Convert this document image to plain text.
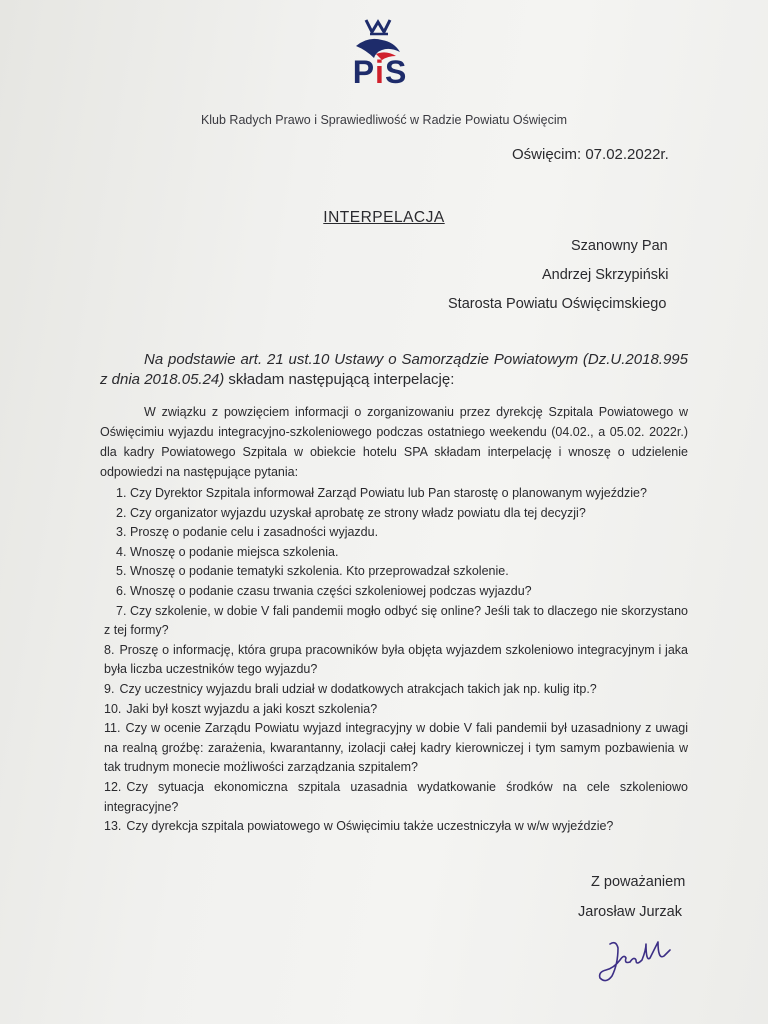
PiS
Klub Radych Prawo i Sprawiedliwość w Radzie Powiatu Oświęcim
Oświęcim: 07.02.2022r.
INTERPELACJA
Szanowny Pan
Andrzej Skrzypiński
Starosta Powiatu Oświęcimskiego
Na podstawie art. 21 ust.10 Ustawy o Samorządzie Powiatowym (Dz.U.2018.995 z dnia 2018.05.24) składam następującą interpelację:
W związku z powzięciem informacji o zorganizowaniu przez dyrekcję Szpitala Powiatowego w Oświęcimiu wyjazdu integracyjno-szkoleniowego podczas ostatniego weekendu (04.02., a 05.02. 2022r.) dla kadry Powiatowego Szpitala w obiekcie hotelu SPA składam interpelację i wnoszę o udzielenie odpowiedzi na następujące pytania:
1. Czy Dyrektor Szpitala informował Zarząd Powiatu lub Pan starostę o planowanym wyjeździe?
2. Czy organizator wyjazdu uzyskał aprobatę ze strony władz powiatu dla tej decyzji?
3. Proszę o podanie celu i zasadności wyjazdu.
4. Wnoszę o podanie miejsca szkolenia.
5. Wnoszę o podanie tematyki szkolenia. Kto przeprowadzał szkolenie.
6. Wnoszę o podanie czasu trwania części szkoleniowej podczas wyjazdu?
7. Czy szkolenie, w dobie V fali pandemii mogło odbyć się online? Jeśli tak to dlaczego nie skorzystano z tej formy?
8. Proszę o informację, która grupa pracowników była objęta wyjazdem szkoleniowo integracyjnym i jaka była liczba uczestników tego wyjazdu?
9. Czy uczestnicy wyjazdu brali udział w dodatkowych atrakcjach takich jak np. kulig itp.?
10. Jaki był koszt wyjazdu a jaki koszt szkolenia?
11. Czy w ocenie Zarządu Powiatu wyjazd integracyjny w dobie V fali pandemii był uzasadniony z uwagi na realną groźbę: zarażenia, kwarantanny, izolacji całej kadry kierowniczej i tym samym pozbawienia w tak trudnym monecie możliwości zarządzania szpitalem?
12. Czy sytuacja ekonomiczna szpitala uzasadnia wydatkowanie środków na cele szkoleniowo integracyjne?
13. Czy dyrekcja szpitala powiatowego w Oświęcimiu także uczestniczyła w w/w wyjeździe?
Z poważaniem
Jarosław Jurzak
